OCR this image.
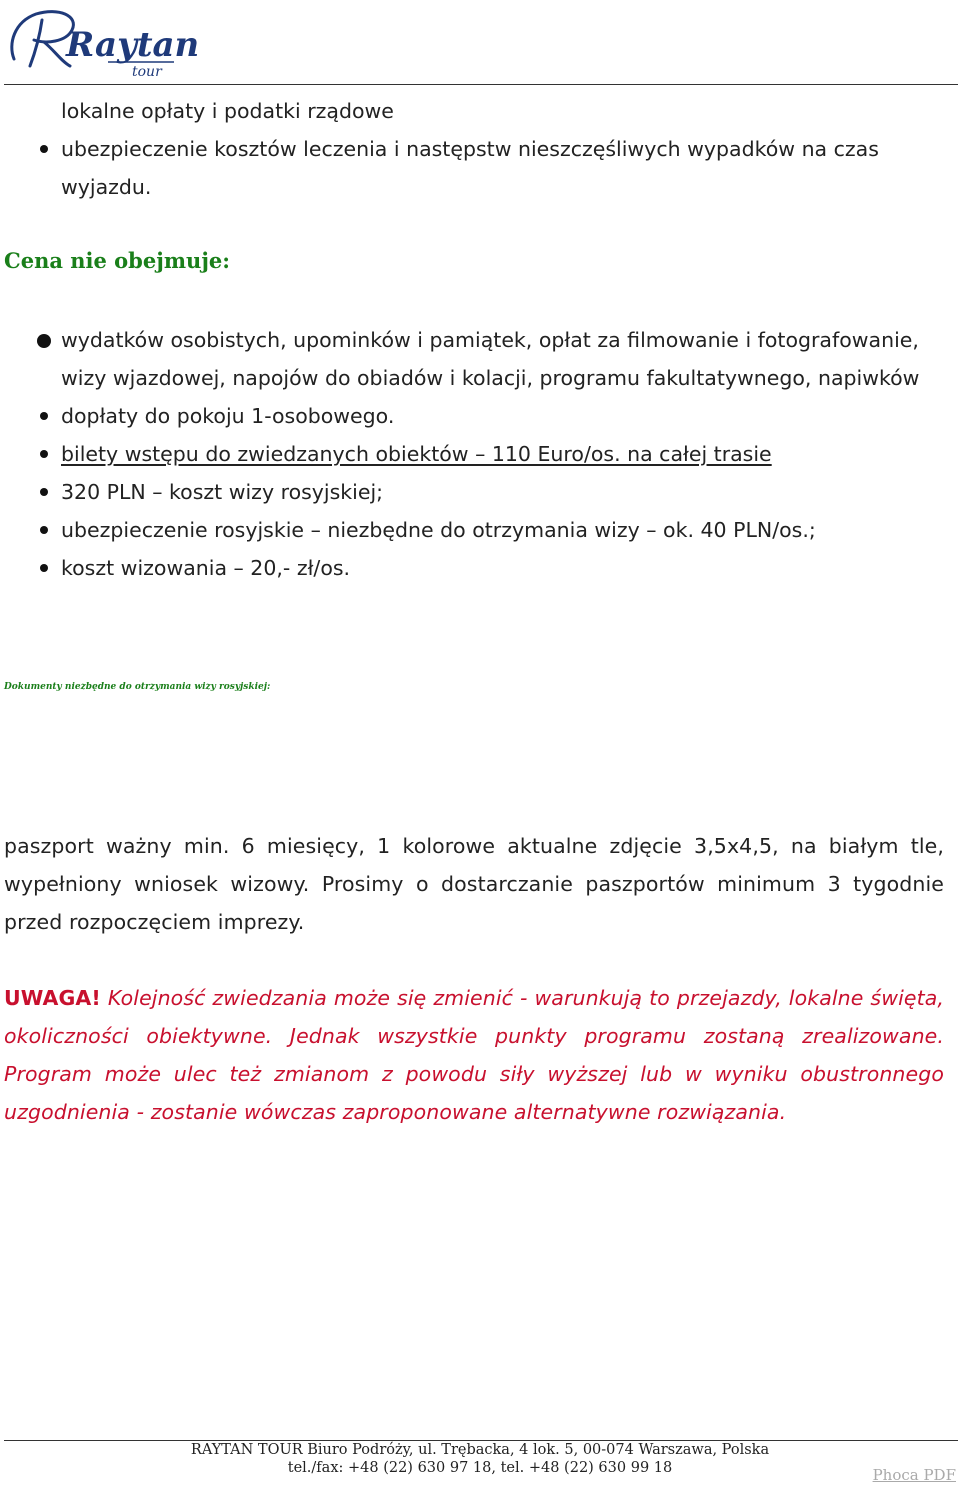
Raytan
tour
lokalne opłaty i podatki rządowe
ubezpieczenie kosztów leczenia i następstw nieszczęśliwych wypadków na czas wyjazdu.
Cena nie obejmuje:
wydatków osobistych, upominków i pamiątek, opłat za filmowanie i fotografowanie, wizy wjazdowej, napojów do obiadów i kolacji, programu fakultatywnego, napiwków
dopłaty do pokoju 1-osobowego.
bilety wstępu do zwiedzanych obiektów – 110 Euro/os. na całej trasie
320 PLN – koszt wizy rosyjskiej;
ubezpieczenie rosyjskie – niezbędne do otrzymania wizy – ok. 40 PLN/os.;
koszt wizowania – 20,- zł/os.
Dokumenty niezbędne do otrzymania wizy rosyjskiej:

paszport ważny min. 6 miesięcy, 1 kolorowe aktualne zdjęcie 3,5x4,5, na białym tle, wypełniony wniosek wizowy. Prosimy o dostarczanie paszportów minimum 3 tygodnie przed rozpoczęciem imprezy.

UWAGA! Kolejność zwiedzania może się zmienić - warunkują to przejazdy, lokalne święta, okoliczności obiektywne. Jednak wszystkie punkty programu zostaną zrealizowane. Program może ulec też zmianom z powodu siły wyższej lub w wyniku obustronnego uzgodnienia - zostanie wówczas zaproponowane alternatywne rozwiązania.

RAYTAN TOUR Biuro Podróży, ul. Trębacka, 4 lok. 5, 00-074 Warszawa, Polska
tel./fax: +48 (22) 630 97 18, tel. +48 (22) 630 99 18	Phoca PDF
